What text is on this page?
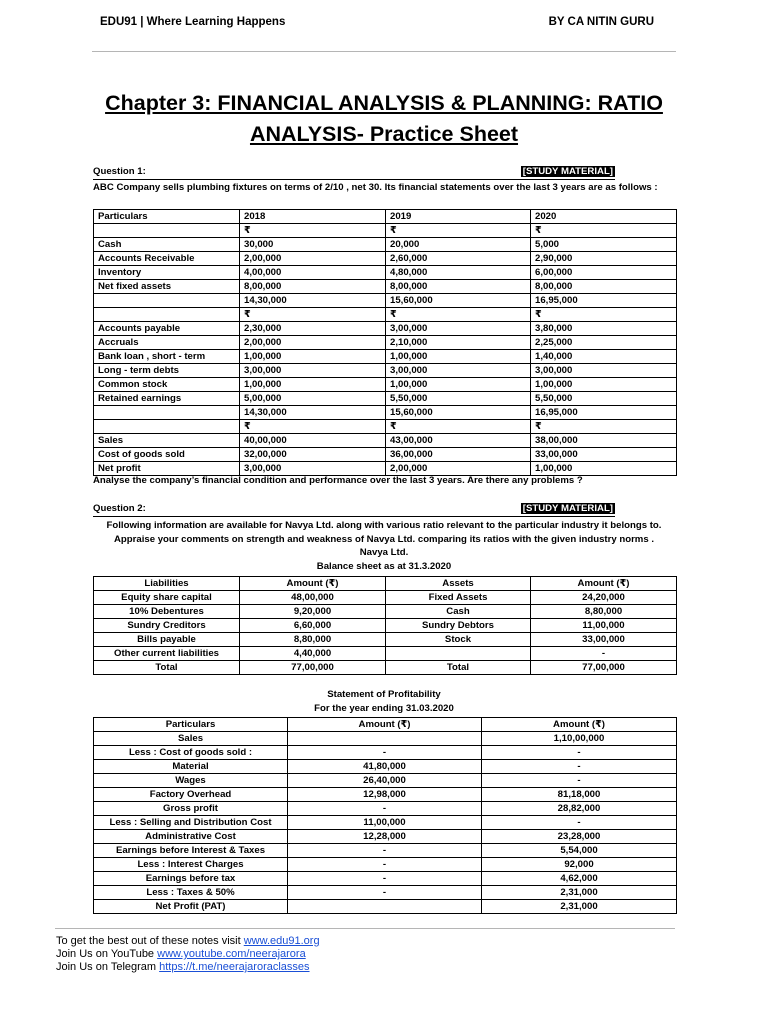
EDU91 | Where Learning Happens	BY CA NITIN GURU
Chapter 3: FINANCIAL ANALYSIS & PLANNING: RATIO
ANALYSIS- Practice Sheet
Question 1:	[STUDY MATERIAL]
ABC Company sells plumbing fixtures on terms of 2/10 , net 30. Its financial statements over the last 3 years are as follows :
Particulars	2018	2019	2020
	₹	₹	₹
Cash	30,000	20,000	5,000
Accounts Receivable	2,00,000	2,60,000	2,90,000
Inventory	4,00,000	4,80,000	6,00,000
Net fixed assets	8,00,000	8,00,000	8,00,000
	14,30,000	15,60,000	16,95,000
	₹	₹	₹
Accounts payable	2,30,000	3,00,000	3,80,000
Accruals	2,00,000	2,10,000	2,25,000
Bank loan , short - term	1,00,000	1,00,000	1,40,000
Long - term debts	3,00,000	3,00,000	3,00,000
Common stock	1,00,000	1,00,000	1,00,000
Retained earnings	5,00,000	5,50,000	5,50,000
	14,30,000	15,60,000	16,95,000
	₹	₹	₹
Sales	40,00,000	43,00,000	38,00,000
Cost of goods sold	32,00,000	36,00,000	33,00,000
Net profit	3,00,000	2,00,000	1,00,000
Analyse the company’s financial condition and performance over the last 3 years. Are there any problems ?
Question 2:	[STUDY MATERIAL]
Following information are available for Navya Ltd. along with various ratio relevant to the particular industry it belongs to. Appraise your comments on strength and weakness of Navya Ltd. comparing its ratios with the given industry norms .
Navya Ltd.
Balance sheet as at 31.3.2020
Liabilities	Amount (₹)	Assets	Amount (₹)
Equity share capital	48,00,000	Fixed Assets	24,20,000
10% Debentures	9,20,000	Cash	8,80,000
Sundry Creditors	6,60,000	Sundry Debtors	11,00,000
Bills payable	8,80,000	Stock	33,00,000
Other current liabilities	4,40,000		-
Total	77,00,000	Total	77,00,000
Statement of Profitability
For the year ending 31.03.2020
Particulars	Amount (₹)	Amount (₹)
Sales		1,10,00,000
Less : Cost of goods sold :	-	-
Material	41,80,000	-
Wages	26,40,000	-
Factory Overhead	12,98,000	81,18,000
Gross profit	-	28,82,000
Less : Selling and Distribution Cost	11,00,000	-
Administrative Cost	12,28,000	23,28,000
Earnings before Interest & Taxes	-	5,54,000
Less : Interest Charges	-	92,000
Earnings before tax	-	4,62,000
Less : Taxes & 50%	-	2,31,000
Net Profit (PAT)		2,31,000
To get the best out of these notes visit www.edu91.org
Join Us on YouTube www.youtube.com/neerajarora
Join Us on Telegram https://t.me/neerajaroraclasses
